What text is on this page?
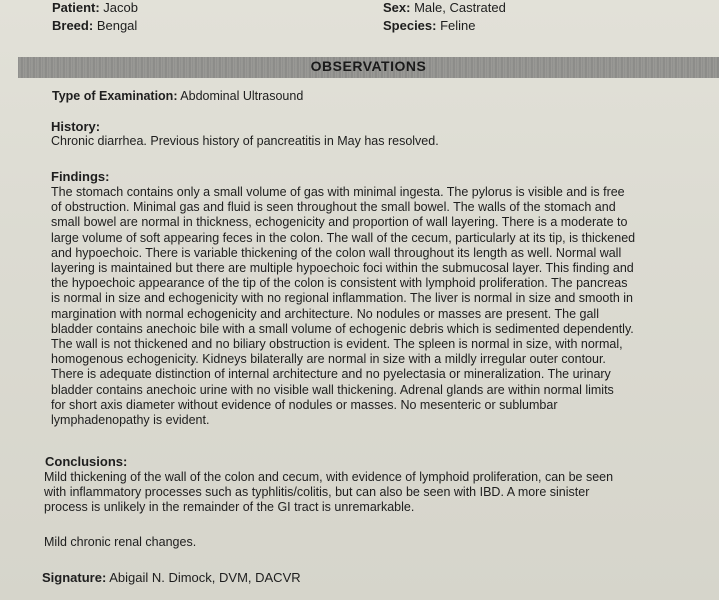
Patient: Jacob
Breed: Bengal
Sex: Male, Castrated
Species: Feline
OBSERVATIONS
Type of Examination: Abdominal Ultrasound
History:
Chronic diarrhea. Previous history of pancreatitis in May has resolved.
Findings:
The stomach contains only a small volume of gas with minimal ingesta. The pylorus is visible and is free
of obstruction. Minimal gas and fluid is seen throughout the small bowel. The walls of the stomach and
small bowel are normal in thickness, echogenicity and proportion of wall layering. There is a moderate to
large volume of soft appearing feces in the colon. The wall of the cecum, particularly at its tip, is thickened
and hypoechoic. There is variable thickening of the colon wall throughout its length as well. Normal wall
layering is maintained but there are multiple hypoechoic foci within the submucosal layer. This finding and
the hypoechoic appearance of the tip of the colon is consistent with lymphoid proliferation. The pancreas
is normal in size and echogenicity with no regional inflammation. The liver is normal in size and smooth in
margination with normal echogenicity and architecture. No nodules or masses are present. The gall
bladder contains anechoic bile with a small volume of echogenic debris which is sedimented dependently.
The wall is not thickened and no biliary obstruction is evident. The spleen is normal in size, with normal,
homogenous echogenicity. Kidneys bilaterally are normal in size with a mildly irregular outer contour.
There is adequate distinction of internal architecture and no pyelectasia or mineralization. The urinary
bladder contains anechoic urine with no visible wall thickening. Adrenal glands are within normal limits
for short axis diameter without evidence of nodules or masses. No mesenteric or sublumbar
lymphadenopathy is evident.
Conclusions:
Mild thickening of the wall of the colon and cecum, with evidence of lymphoid proliferation, can be seen
with inflammatory processes such as typhlitis/colitis, but can also be seen with IBD. A more sinister
process is unlikely in the remainder of the GI tract is unremarkable.
Mild chronic renal changes.
Signature: Abigail N. Dimock, DVM, DACVR
